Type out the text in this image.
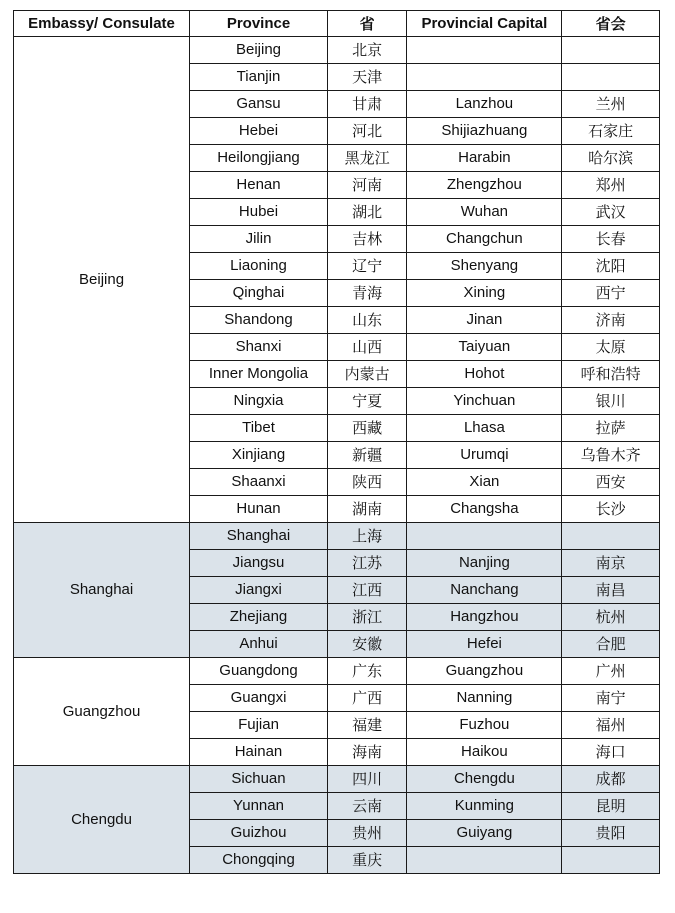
Embassy/ Consulate	Province	省	Provincial Capital	省会
Beijing	Beijing	北京		
	Tianjin	天津		
	Gansu	甘肃	Lanzhou	兰州
	Hebei	河北	Shijiazhuang	石家庄
	Heilongjiang	黑龙江	Harabin	哈尔滨
	Henan	河南	Zhengzhou	郑州
	Hubei	湖北	Wuhan	武汉
	Jilin	吉林	Changchun	长春
	Liaoning	辽宁	Shenyang	沈阳
	Qinghai	青海	Xining	西宁
	Shandong	山东	Jinan	济南
	Shanxi	山西	Taiyuan	太原
	Inner Mongolia	内蒙古	Hohot	呼和浩特
	Ningxia	宁夏	Yinchuan	银川
	Tibet	西藏	Lhasa	拉萨
	Xinjiang	新疆	Urumqi	乌鲁木齐
	Shaanxi	陕西	Xian	西安
	Hunan	湖南	Changsha	长沙
Shanghai	Shanghai	上海		
	Jiangsu	江苏	Nanjing	南京
	Jiangxi	江西	Nanchang	南昌
	Zhejiang	浙江	Hangzhou	杭州
	Anhui	安徽	Hefei	合肥
Guangzhou	Guangdong	广东	Guangzhou	广州
	Guangxi	广西	Nanning	南宁
	Fujian	福建	Fuzhou	福州
	Hainan	海南	Haikou	海口
Chengdu	Sichuan	四川	Chengdu	成都
	Yunnan	云南	Kunming	昆明
	Guizhou	贵州	Guiyang	贵阳
	Chongqing	重庆		
